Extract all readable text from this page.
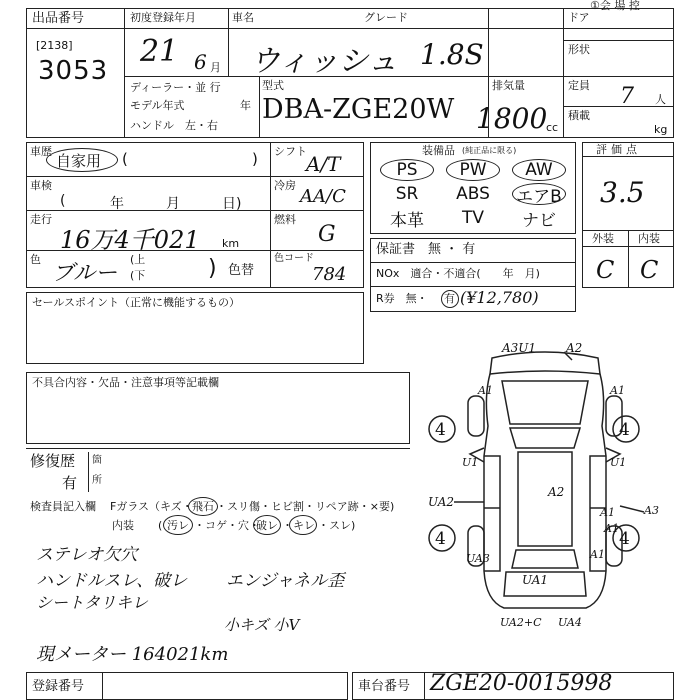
①会 場 控
出品番号
[2138]
3053
初度登録年月
21 6 月
車名
ウィッシュ
グレード
1.8S
ドア
形状
ディーラー・並 行
モデル年式	年
ハンドル　左・右
型式
DBA-ZGE20W
排気量
1800
cc
定員 7 人
積載
kg
車歴
自家用 (	)
車検
(	年　　　月　　　日)
走行
16万4千021 km
色
ブルー
(上
(下	) 色替
シフト
A/T
冷房
AA/C
燃料
G
色コード
784
装備品 (純正品に限る)
PS PW AW
SR ABS エアB
本革 TV ナビ
評価点
3.5
外装 内装
C C
保証書　無 ・ 有
NOx　適合・不適合(　　年　月)
R券　無・ 有 (¥12,780)
セールスポイント（正常に機能するもの）
不具合内容・欠品・注意事項等記載欄
修復歴
有
箇
所
検査員記入欄 Fガラス（キズ・ 飛石 ・スリ傷・ヒビ割・リペア跡・×要)
内装 ( 汚レ ・コゲ・穴・
破レ ・ キレ ・スレ)
ステレオ欠穴
ハンドルスレ、破レ
シートタリキレ
エンジャネル歪
小キズ 小V
現メーター 164021km
A3U1 A2
A1
4	4
A1
U1	U1
A2
UA2
A1	A3
A1
4	4
UA3	A1
UA1
UA2+C UA4
登録番号	車台番号 ZGE20-0015998
